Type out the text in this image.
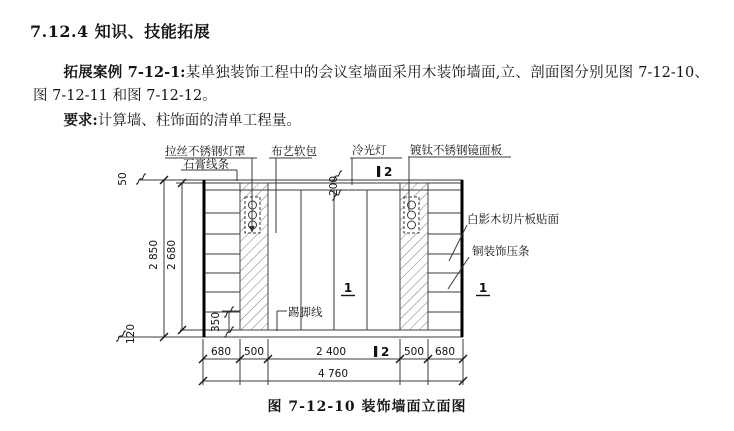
7.12.4 知识、技能拓展

拓展案例 7-12-1:某单独装饰工程中的会议室墙面采用木装饰墙面,立、剖面图分别见图 7-12-10、图 7-12-11 和图 7-12-12。

要求:计算墙、柱饰面的清单工程量。

拉丝不锈钢灯罩
石膏线条
布艺软包	冷光灯 镀钛不锈钢镜面板
白影木切片板贴面
铜装饰压条
踢脚线
2 850 2 680
50
120
350
200
680 500	2 400	500 680
4 760
1	1
2
2
图 7-12-10 装饰墙面立面图
